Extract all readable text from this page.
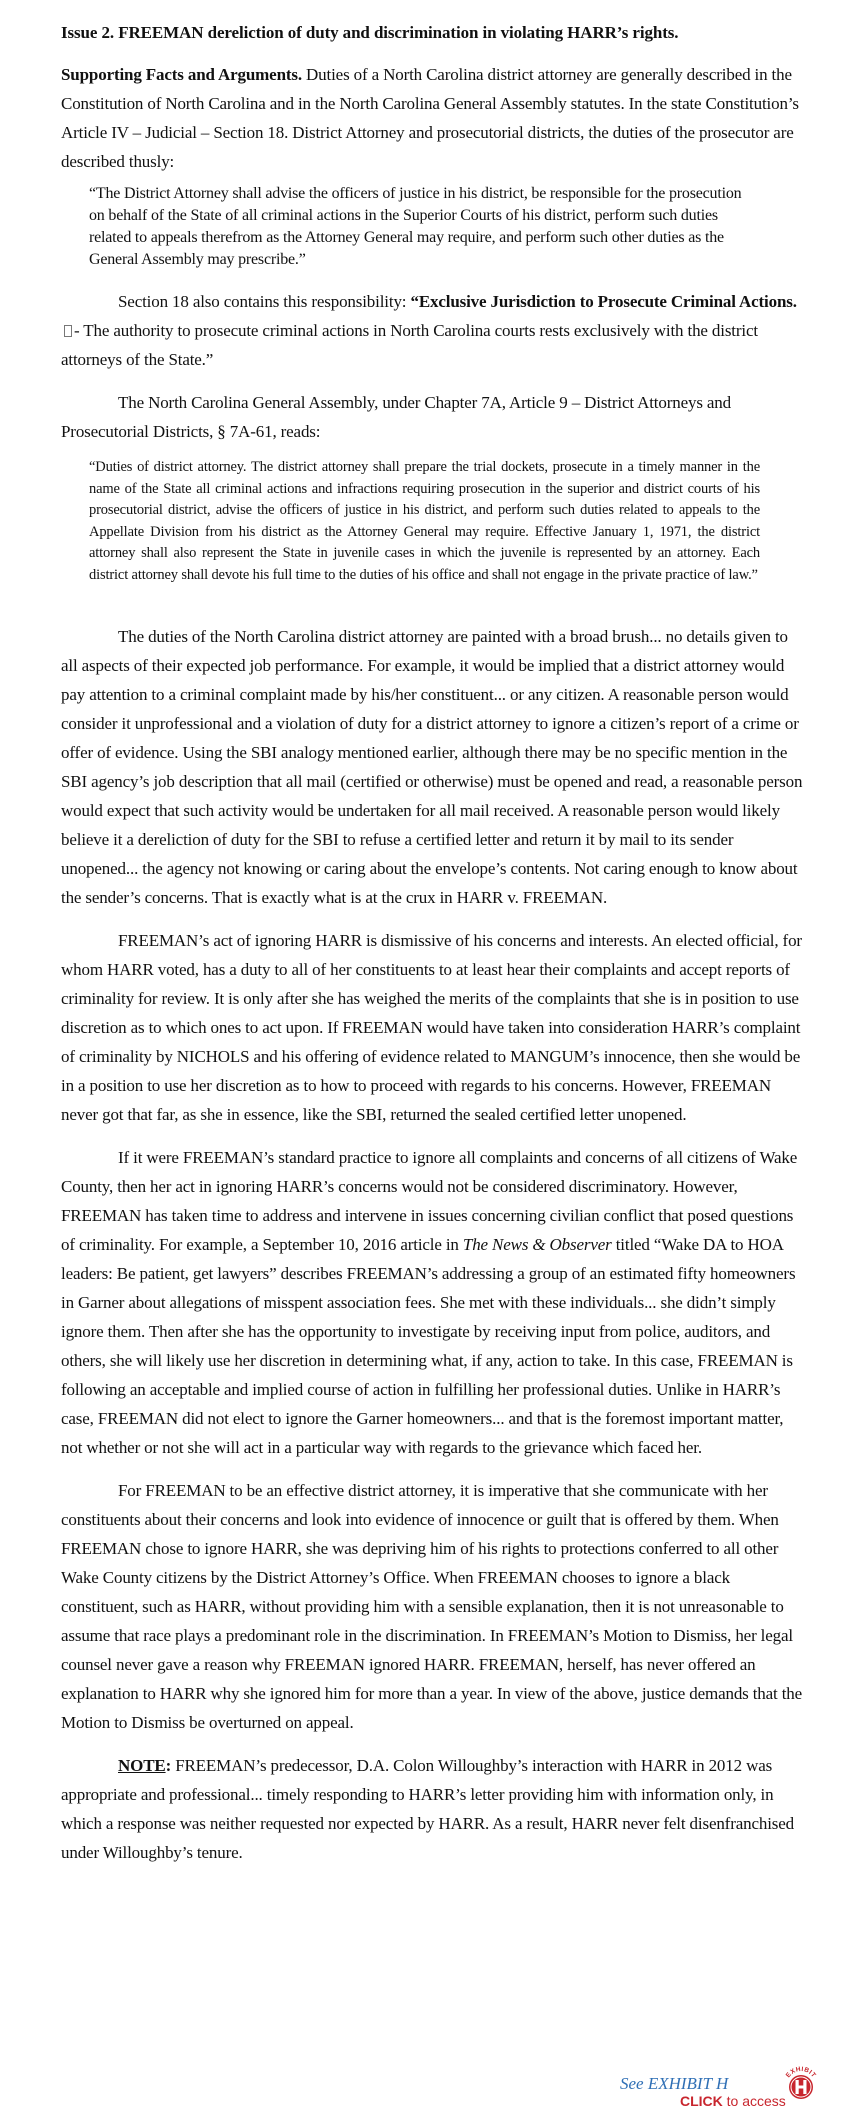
Issue 2. FREEMAN dereliction of duty and discrimination in violating HARR’s rights.

Supporting Facts and Arguments. Duties of a North Carolina district attorney are generally described in the Constitution of North Carolina and in the North Carolina General Assembly statutes. In the state Constitution’s Article IV – Judicial – Section 18. District Attorney and prosecutorial districts, the duties of the prosecutor are described thusly:

“The District Attorney shall advise the officers of justice in his district, be responsible for the prosecution on behalf of the State of all criminal actions in the Superior Courts of his district, perform such duties related to appeals therefrom as the Attorney General may require, and perform such other duties as the General Assembly may prescribe.”

Section 18 also contains this responsibility: “Exclusive Jurisdiction to Prosecute Criminal Actions.- The authority to prosecute criminal actions in North Carolina courts rests exclusively with the district attorneys of the State.”

The North Carolina General Assembly, under Chapter 7A, Article 9 – District Attorneys and Prosecutorial Districts, § 7A-61, reads:

“Duties of district attorney. The district attorney shall prepare the trial dockets, prosecute in a timely manner in the name of the State all criminal actions and infractions requiring prosecution in the superior and district courts of his prosecutorial district, advise the officers of justice in his district, and perform such duties related to appeals to the Appellate Division from his district as the Attorney General may require. Effective January 1, 1971, the district attorney shall also represent the State in juvenile cases in which the juvenile is represented by an attorney. Each district attorney shall devote his full time to the duties of his office and shall not engage in the private practice of law.”

The duties of the North Carolina district attorney are painted with a broad brush... no details given to all aspects of their expected job performance. For example, it would be implied that a district attorney would pay attention to a criminal complaint made by his/her constituent... or any citizen. A reasonable person would consider it unprofessional and a violation of duty for a district attorney to ignore a citizen’s report of a crime or offer of evidence. Using the SBI analogy mentioned earlier, although there may be no specific mention in the SBI agency’s job description that all mail (certified or otherwise) must be opened and read, a reasonable person would expect that such activity would be undertaken for all mail received. A reasonable person would likely believe it a dereliction of duty for the SBI to refuse a certified letter and return it by mail to its sender unopened... the agency not knowing or caring about the envelope’s contents. Not caring enough to know about the sender’s concerns. That is exactly what is at the crux in HARR v. FREEMAN.

FREEMAN’s act of ignoring HARR is dismissive of his concerns and interests. An elected official, for whom HARR voted, has a duty to all of her constituents to at least hear their complaints and accept reports of criminality for review. It is only after she has weighed the merits of the complaints that she is in position to use discretion as to which ones to act upon. If FREEMAN would have taken into consideration HARR’s complaint of criminality by NICHOLS and his offering of evidence related to MANGUM’s innocence, then she would be in a position to use her discretion as to how to proceed with regards to his concerns. However, FREEMAN never got that far, as she in essence, like the SBI, returned the sealed certified letter unopened.

If it were FREEMAN’s standard practice to ignore all complaints and concerns of all citizens of Wake County, then her act in ignoring HARR’s concerns would not be considered discriminatory. However, FREEMAN has taken time to address and intervene in issues concerning civilian conflict that posed questions of criminality. For example, a September 10, 2016 article in The News & Observer titled “Wake DA to HOA leaders: Be patient, get lawyers” describes FREEMAN’s addressing a group of an estimated fifty homeowners in Garner about allegations of misspent association fees. She met with these individuals... she didn’t simply ignore them. Then after she has the opportunity to investigate by receiving input from police, auditors, and others, she will likely use her discretion in determining what, if any, action to take. In this case, FREEMAN is following an acceptable and implied course of action in fulfilling her professional duties. Unlike in HARR’s case, FREEMAN did not elect to ignore the Garner homeowners... and that is the foremost important matter, not whether or not she will act in a particular way with regards to the grievance which faced her.

For FREEMAN to be an effective district attorney, it is imperative that she communicate with her constituents about their concerns and look into evidence of innocence or guilt that is offered by them. When FREEMAN chose to ignore HARR, she was depriving him of his rights to protections conferred to all other Wake County citizens by the District Attorney’s Office. When FREEMAN chooses to ignore a black constituent, such as HARR, without providing him with a sensible explanation, then it is not unreasonable to assume that race plays a predominant role in the discrimination. In FREEMAN’s Motion to Dismiss, her legal counsel never gave a reason why FREEMAN ignored HARR. FREEMAN, herself, has never offered an explanation to HARR why she ignored him for more than a year. In view of the above, justice demands that the Motion to Dismiss be overturned on appeal.

NOTE: FREEMAN’s predecessor, D.A. Colon Willoughby’s interaction with HARR in 2012 was appropriate and professional... timely responding to HARR’s letter providing him with information only, in which a response was neither requested nor expected by HARR. As a result, HARR never felt disenfranchised under Willoughby’s tenure.

See EXHIBIT H
CLICK to access
EXHIBIT
